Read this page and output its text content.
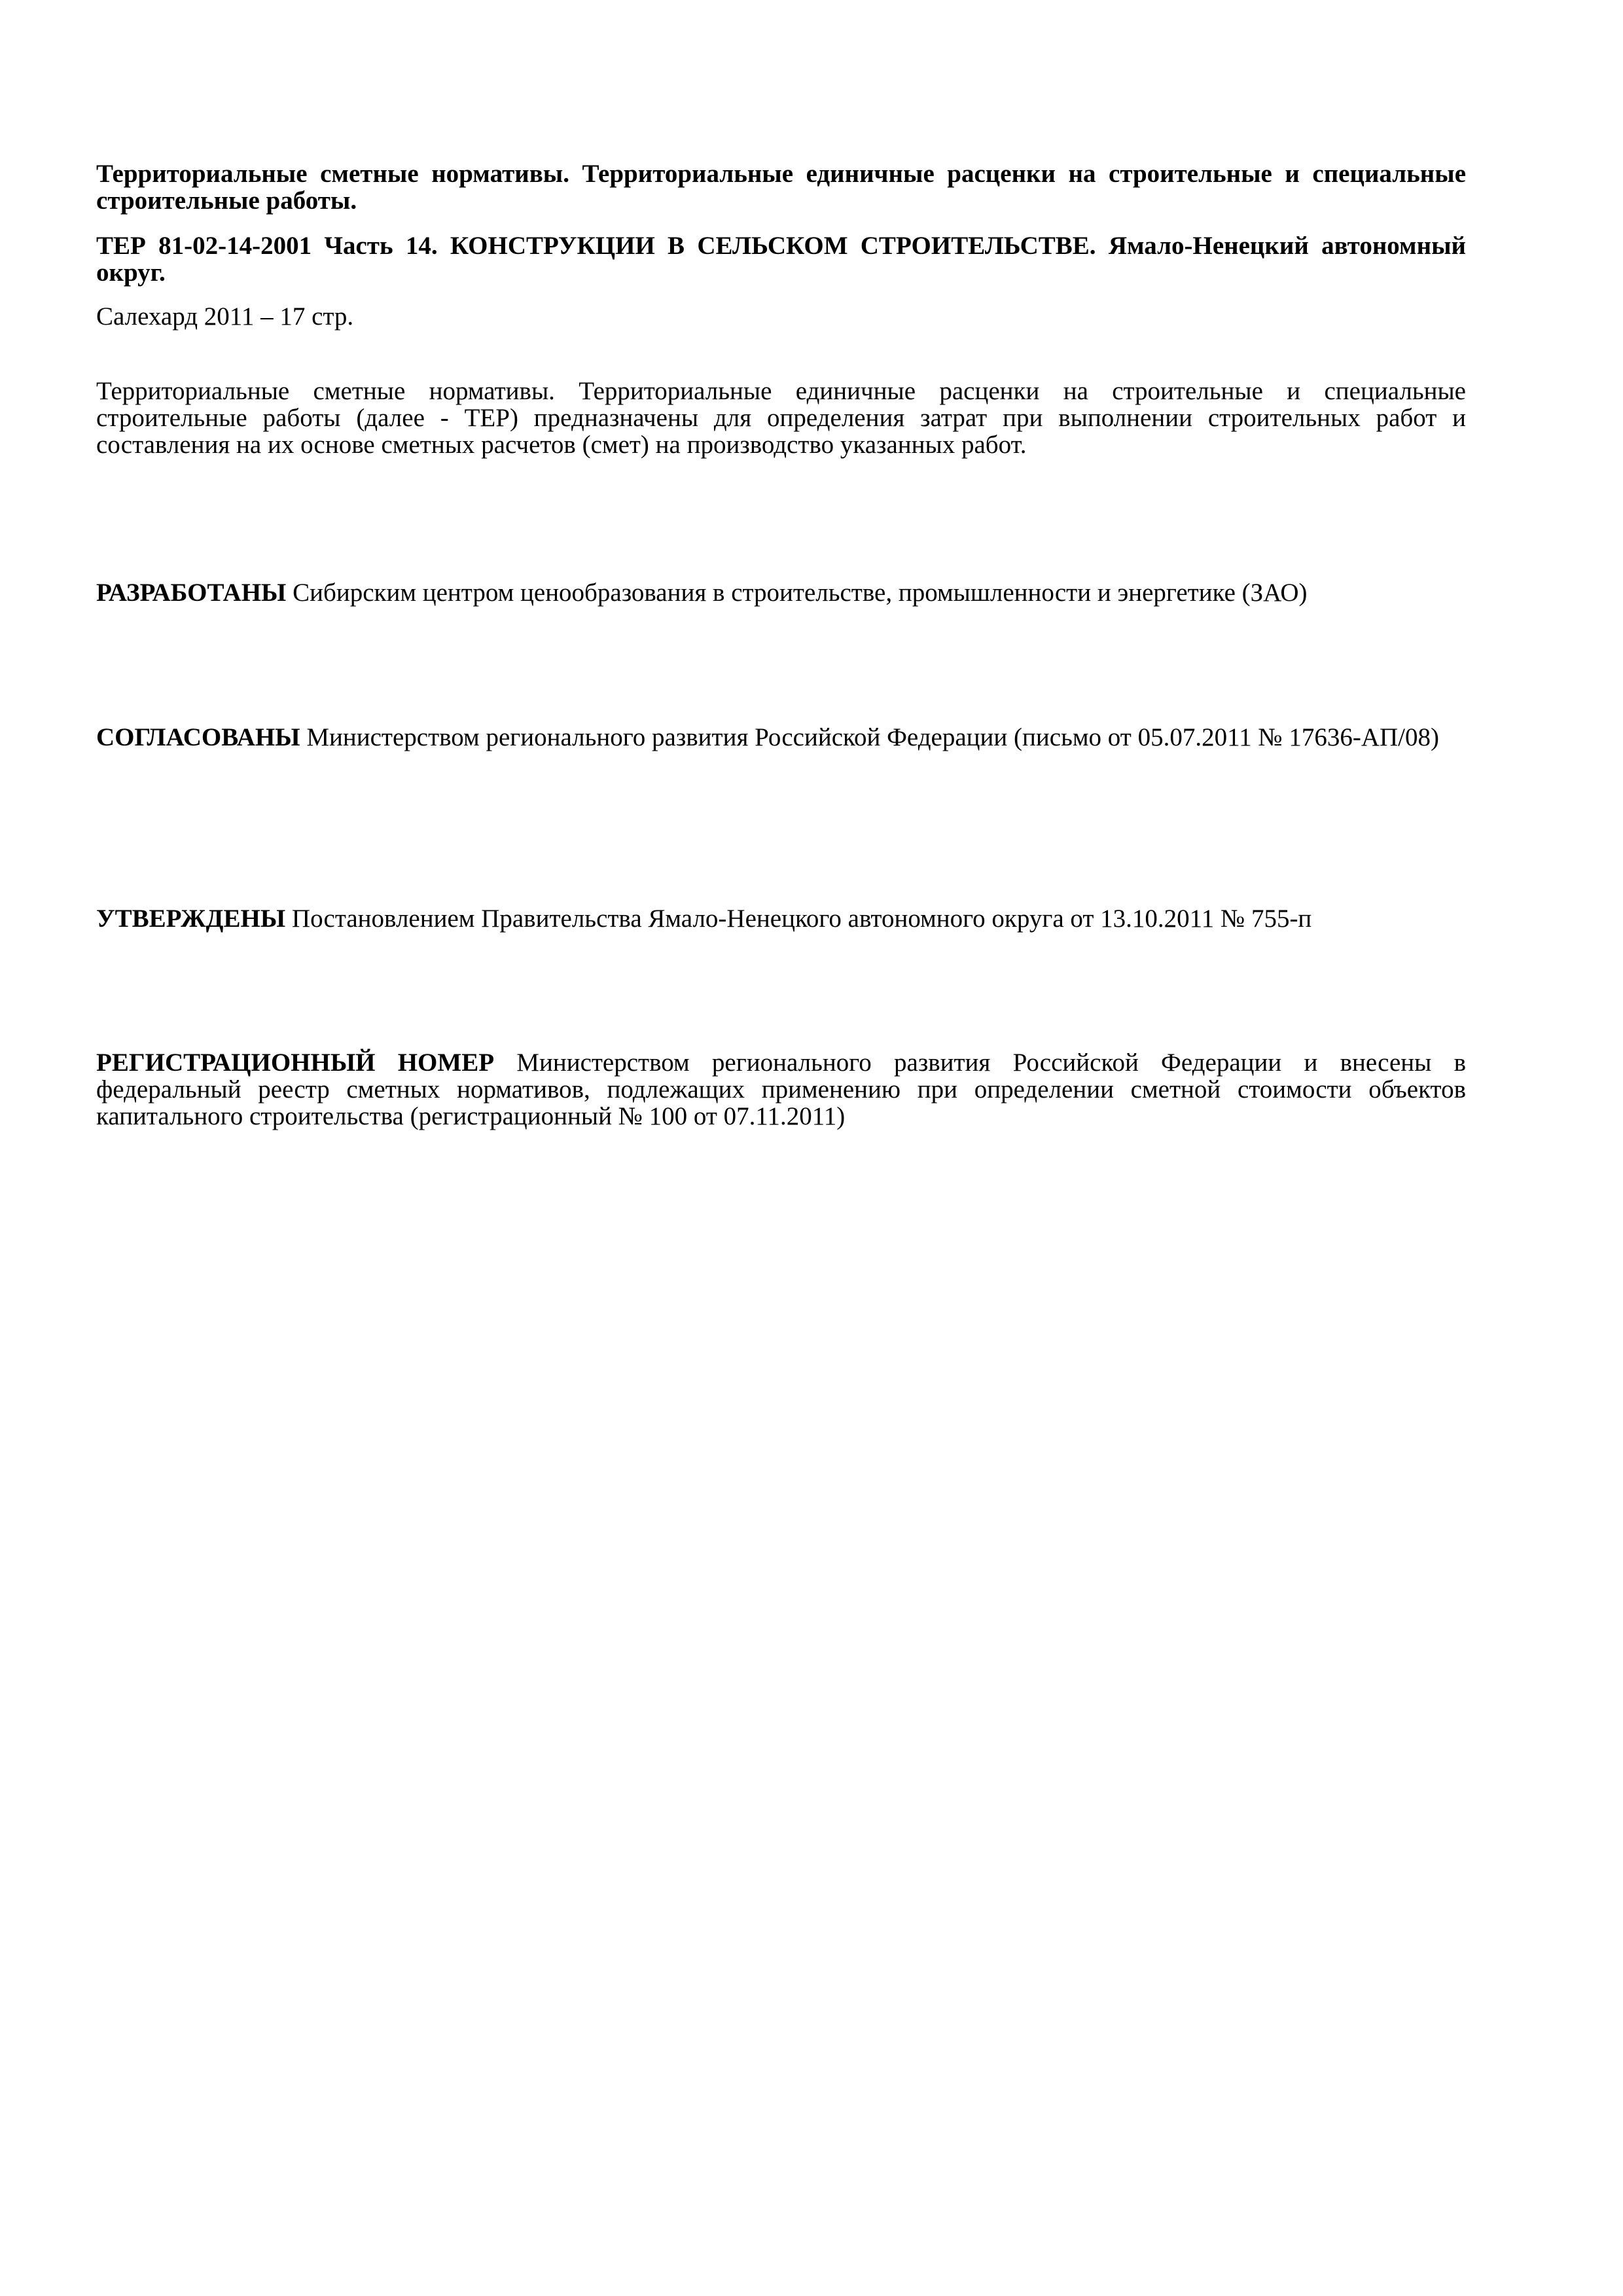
Территориальные сметные нормативы. Территориальные единичные расценки на строительные и специальные строительные работы.

ТЕР 81-02-14-2001 Часть 14. КОНСТРУКЦИИ В СЕЛЬСКОМ СТРОИТЕЛЬСТВЕ. Ямало-Ненецкий автономный округ.

Салехард 2011 – 17 стр.

Территориальные сметные нормативы. Территориальные единичные расценки на строительные и специальные строительные работы (далее - ТЕР) предназначены для определения затрат при выполнении строительных работ и составления на их основе сметных расчетов (смет) на производство указанных работ.

РАЗРАБОТАНЫ Сибирским центром ценообразования в строительстве, промышленности и энергетике (ЗАО)

СОГЛАСОВАНЫ Министерством регионального развития Российской Федерации (письмо от 05.07.2011 № 17636-АП/08)

УТВЕРЖДЕНЫ Постановлением Правительства Ямало-Ненецкого автономного округа от 13.10.2011 № 755-п

РЕГИСТРАЦИОННЫЙ НОМЕР Министерством регионального развития Российской Федерации и внесены в федеральный реестр сметных нормативов, подлежащих применению при определении сметной стоимости объектов капитального строительства (регистрационный № 100 от 07.11.2011)
